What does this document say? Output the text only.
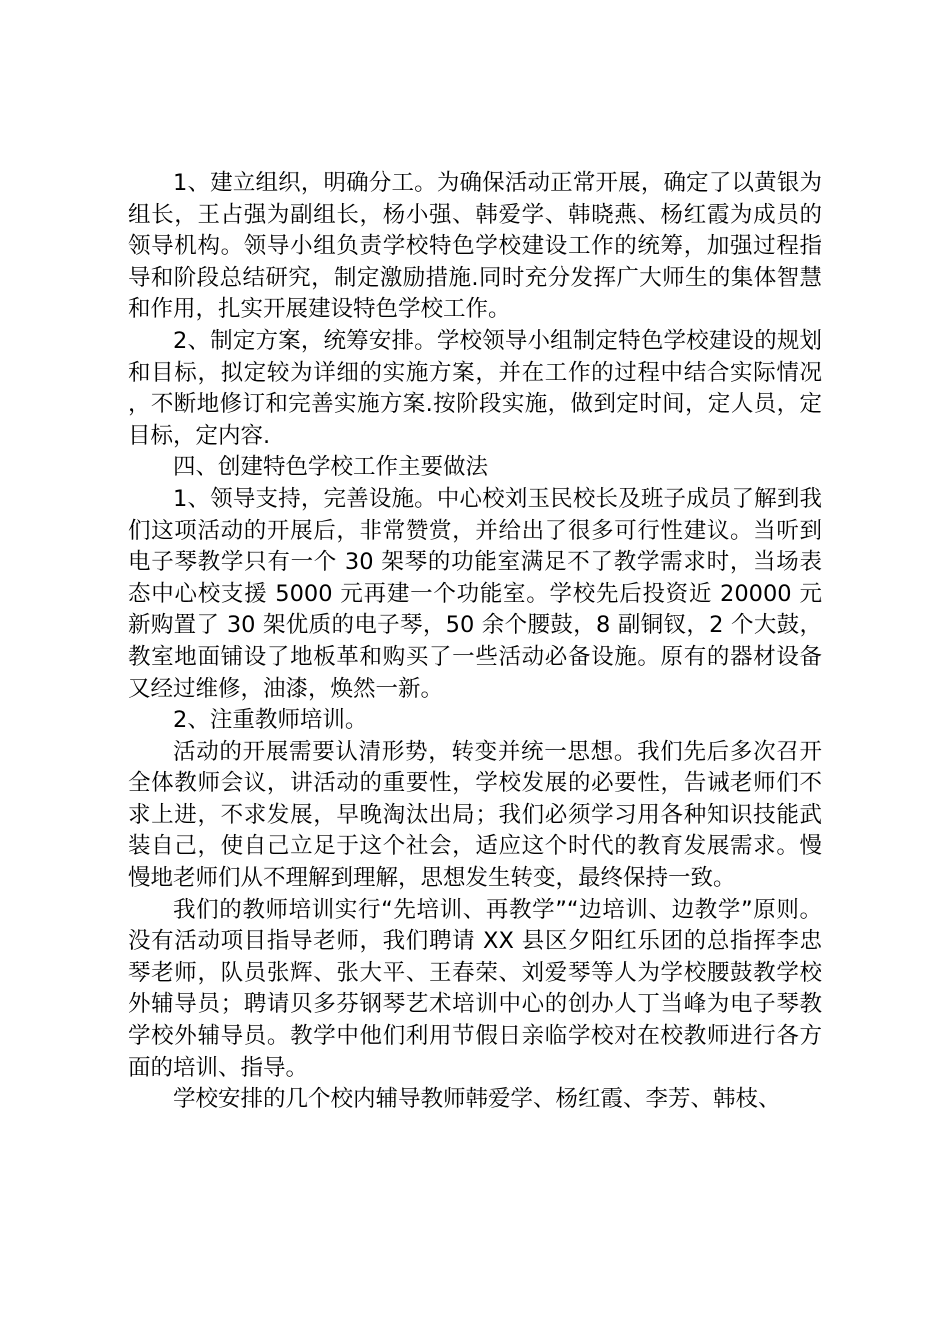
1、建立组织，明确分工。为确保活动正常开展，确定了以黄银为组长，王占强为副组长，杨小强、韩爱学、韩晓燕、杨红霞为成员的领导机构。领导小组负责学校特色学校建设工作的统筹，加强过程指导和阶段总结研究，制定激励措施.同时充分发挥广大师生的集体智慧和作用，扎实开展建设特色学校工作。

2、制定方案，统筹安排。学校领导小组制定特色学校建设的规划和目标，拟定较为详细的实施方案，并在工作的过程中结合实际情况，不断地修订和完善实施方案.按阶段实施，做到定时间，定人员，定目标，定内容.

四、创建特色学校工作主要做法

1、领导支持，完善设施。中心校刘玉民校长及班子成员了解到我们这项活动的开展后，非常赞赏，并给出了很多可行性建议。当听到电子琴教学只有一个 30 架琴的功能室满足不了教学需求时，当场表态中心校支援 5000 元再建一个功能室。学校先后投资近 20000 元新购置了 30 架优质的电子琴，50 余个腰鼓，8 副铜钗，2 个大鼓，教室地面铺设了地板革和购买了一些活动必备设施。原有的器材设备又经过维修，油漆，焕然一新。

2、注重教师培训。

活动的开展需要认清形势，转变并统一思想。我们先后多次召开全体教师会议，讲活动的重要性，学校发展的必要性，告诫老师们不求上进，不求发展，早晚淘汰出局；我们必须学习用各种知识技能武装自己，使自己立足于这个社会，适应这个时代的教育发展需求。慢慢地老师们从不理解到理解，思想发生转变，最终保持一致。

我们的教师培训实行“先培训、再教学”“边培训、边教学”原则。没有活动项目指导老师，我们聘请 XX 县区夕阳红乐团的总指挥李忠琴老师，队员张辉、张大平、王春荣、刘爱琴等人为学校腰鼓教学校外辅导员；聘请贝多芬钢琴艺术培训中心的创办人丁当峰为电子琴教学校外辅导员。教学中他们利用节假日亲临学校对在校教师进行各方面的培训、指导。

学校安排的几个校内辅导教师韩爱学、杨红霞、李芳、韩枝、
